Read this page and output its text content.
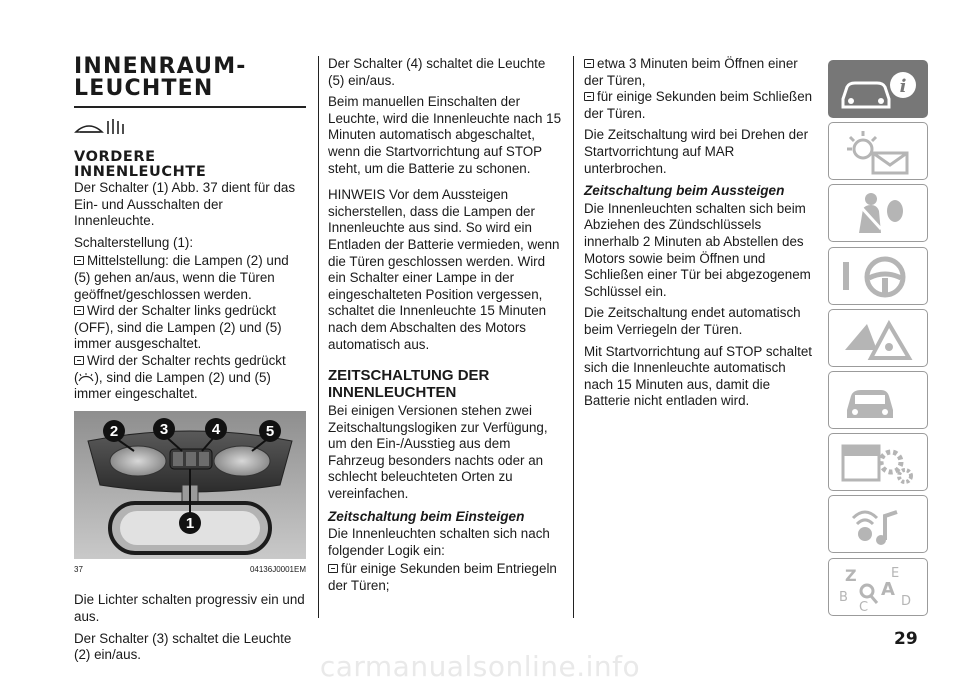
INNENRAUM-
LEUCHTEN
VORDERE
INNENLEUCHTE

Der Schalter (1) Abb. 37 dient für das Ein- und Ausschalten der Innenleuchte.

Schalterstellung (1):

Mittelstellung: die Lampen (2) und (5) gehen an/aus, wenn die Türen geöffnet/geschlossen werden.
Wird der Schalter links gedrückt (OFF), sind die Lampen (2) und (5) immer ausgeschaltet.
Wird der Schalter rechts gedrückt
( ), sind die Lampen (2) und (5) immer eingeschaltet.
2	3	4	5
1
37	04136J0001EM

Die Lichter schalten progressiv ein und aus.

Der Schalter (3) schaltet die Leuchte (2) ein/aus.

Der Schalter (4) schaltet die Leuchte (5) ein/aus.

Beim manuellen Einschalten der Leuchte, wird die Innenleuchte nach 15 Minuten automatisch abgeschaltet, wenn die Startvorrichtung auf STOP steht, um die Batterie zu schonen.

HINWEIS Vor dem Aussteigen sicherstellen, dass die Lampen der Innenleuchte aus sind. So wird ein Entladen der Batterie vermieden, wenn die Türen geschlossen werden. Wird ein Schalter einer Lampe in der eingeschalteten Position vergessen, schaltet die Innenleuchte 15 Minuten nach dem Abschalten des Motors automatisch aus.

ZEITSCHALTUNG DER INNENLEUCHTEN

Bei einigen Versionen stehen zwei Zeitschaltungslogiken zur Verfügung, um den Ein-/Ausstieg aus dem Fahrzeug besonders nachts oder an schlecht beleuchteten Orten zu vereinfachen.

Zeitschaltung beim Einsteigen

Die Innenleuchten schalten sich nach folgender Logik ein:

für einige Sekunden beim Entriegeln der Türen;
etwa 3 Minuten beim Öffnen einer der Türen,
für einige Sekunden beim Schließen der Türen.

Die Zeitschaltung wird bei Drehen der Startvorrichtung auf MAR unterbrochen.

Zeitschaltung beim Aussteigen

Die Innenleuchten schalten sich beim Abziehen des Zündschlüssels innerhalb 2 Minuten ab Abstellen des Motors sowie beim Öffnen und Schließen einer Tür bei abgezogenem Schlüssel ein.

Die Zeitschaltung endet automatisch beim Verriegeln der Türen.

Mit Startvorrichtung auf STOP schaltet sich die Innenleuchte automatisch nach 15 Minuten aus, damit die Batterie nicht entladen wird.

i
Z	E
B A
C	D
29
carmanualsonline.info
